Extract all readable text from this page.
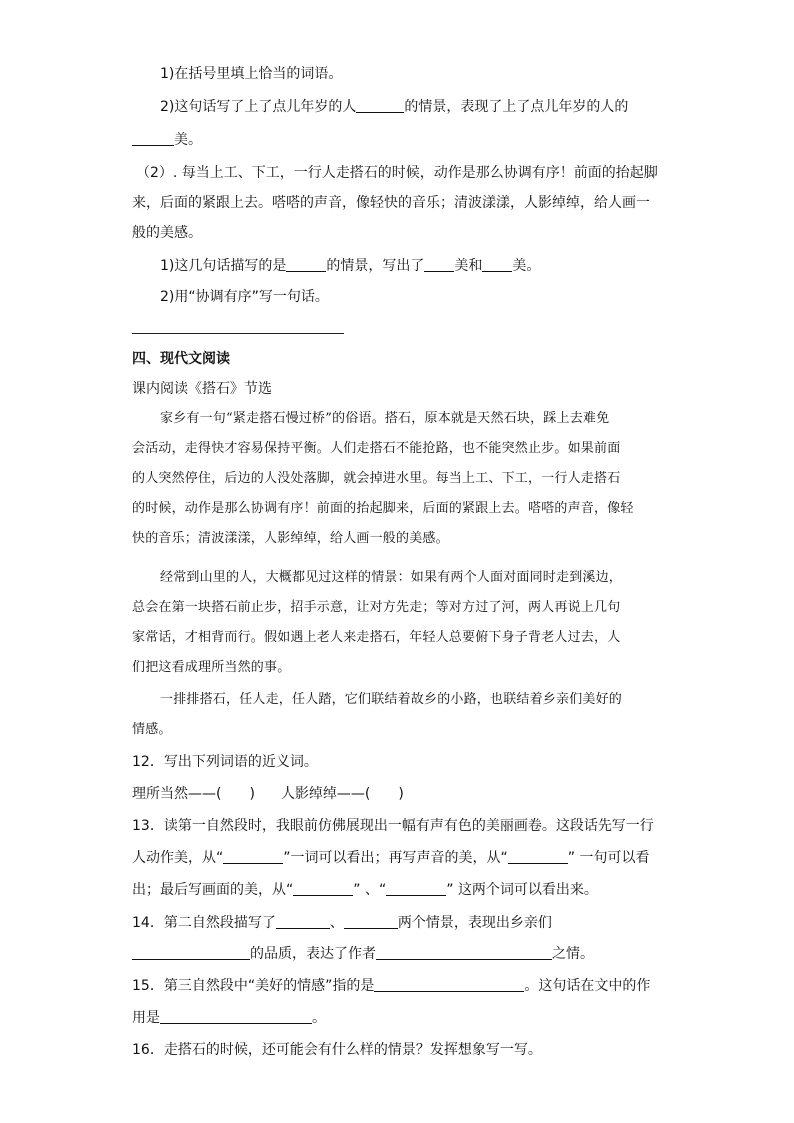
1)在括号里填上恰当的词语。
2)这句话写了上了点儿年岁的人	的情景，表现了上了点儿年岁的人的
美。
（2）. 每当上工、下工，一行人走搭石的时候，动作是那么协调有序！前面的抬起脚
来，后面的紧跟上去。嗒嗒的声音，像轻快的音乐；清波漾漾，人影绰绰，给人画一
般的美感。
1)这几句话描写的是	的情景，写出了 美和 美。
2)用“协调有序”写一句话。
四、现代文阅读
课内阅读《搭石》节选
家乡有一句“紧走搭石慢过桥”的俗语。搭石，原本就是天然石块，踩上去难免
会活动，走得快才容易保持平衡。人们走搭石不能抢路，也不能突然止步。如果前面
的人突然停住，后边的人没处落脚，就会掉进水里。每当上工、下工，一行人走搭石
的时候，动作是那么协调有序！前面的抬起脚来，后面的紧跟上去。嗒嗒的声音，像轻
快的音乐；清波漾漾，人影绰绰，给人画一般的美感。
经常到山里的人，大概都见过这样的情景：如果有两个人面对面同时走到溪边，
总会在第一块搭石前止步，招手示意，让对方先走；等对方过了河，两人再说上几句
家常话，才相背而行。假如遇上老人来走搭石，年轻人总要俯下身子背老人过去，人
们把这看成理所当然的事。
一排排搭石，任人走，任人踏，它们联结着故乡的小路，也联结着乡亲们美好的
情感。
12．写出下列词语的近义词。
理所当然——(　　) 人影绰绰——(　　)
13．读第一自然段时，我眼前仿佛展现出一幅有声有色的美丽画卷。这段话先写一行
人动作美，从“	”一词可以看出；再写声音的美，从“	” 一句可以看
出；最后写画面的美，从“	” 、“	” 这两个词可以看出来。
14．第二自然段描写了	、	两个情景，表现出乡亲们
的品质，表达了作者	之情。
15．第三自然段中“美好的情感”指的是	。这句话在文中的作
用是	。
16．走搭石的时候，还可能会有什么样的情景？发挥想象写一写。
